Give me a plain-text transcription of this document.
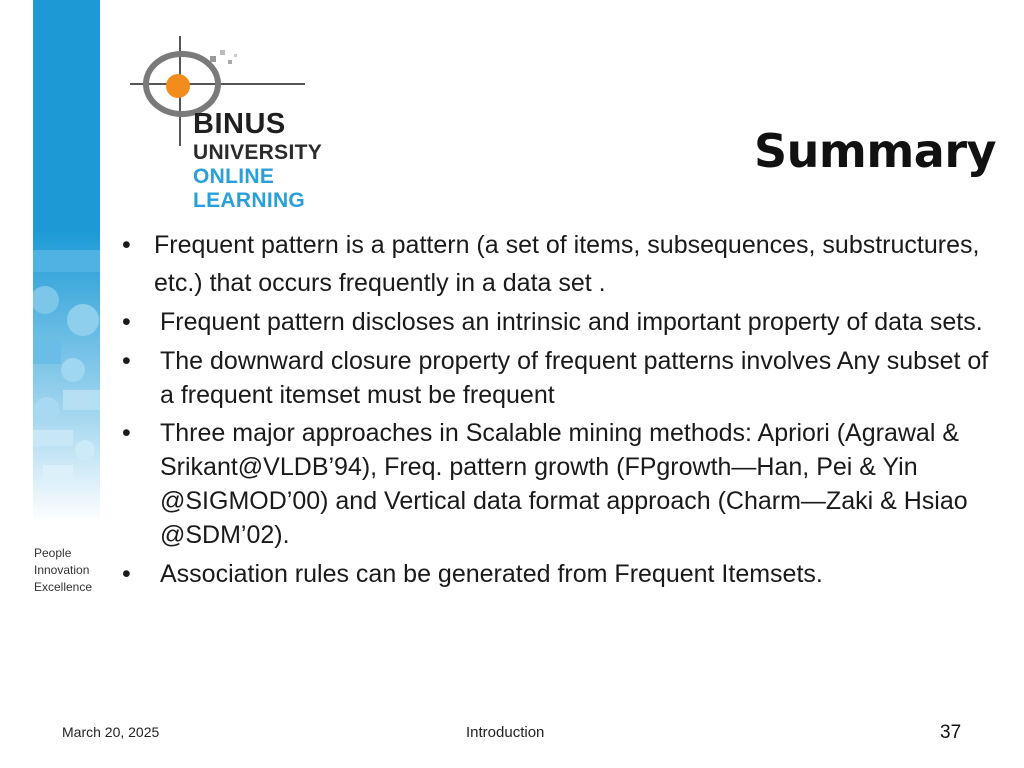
BINUS
UNIVERSITY
ONLINE
LEARNING
People
Innovation
Excellence
Summary
• Frequent pattern is a pattern (a set of items, subsequences, substructures, etc.) that occurs frequently in a data set .
• Frequent pattern discloses an intrinsic and important property of data sets.
• The downward closure property of frequent patterns involves Any subset of a frequent itemset must be frequent
• Three major approaches in Scalable mining methods: Apriori (Agrawal & Srikant@VLDB’94), Freq. pattern growth (FPgrowth—Han, Pei & Yin @SIGMOD’00) and Vertical data format approach (Charm—Zaki & Hsiao @SDM’02).
• Association rules can be generated from Frequent Itemsets.
March 20, 2025	Introduction	37
